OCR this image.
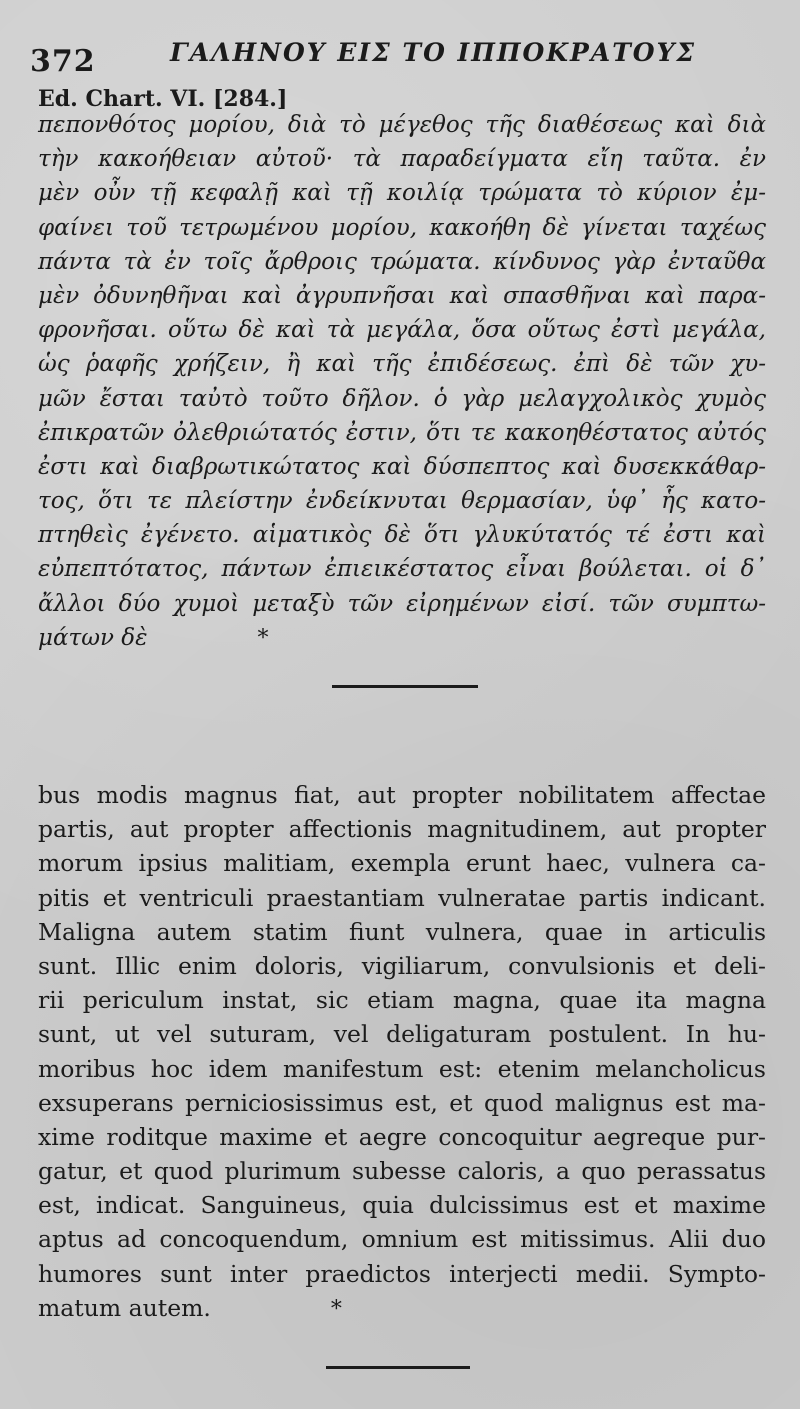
372	ΓΑΛΗΝΟΥ ΕΙΣ ΤΟ ΙΠΠΟΚΡΑΤΟΥΣ
Ed. Chart. VI. [284.]
πεπονθότος μορίου, διὰ τὸ μέγεθος τῆς διαθέσεως καὶ διὰ
τὴν κακοήθειαν αὐτοῦ· τὰ παραδείγματα εἴη ταῦτα. ἐν
μὲν οὖν τῇ κεφαλῇ καὶ τῇ κοιλίᾳ τρώματα τὸ κύριον ἐμ-
φαίνει τοῦ τετρωμένου μορίου, κακοήθη δὲ γίνεται ταχέως
πάντα τὰ ἐν τοῖς ἄρθροις τρώματα. κίνδυνος γὰρ ἐνταῦθα
μὲν ὀδυνηθῆναι καὶ ἀγρυπνῆσαι καὶ σπασθῆναι καὶ παρα-
φρονῆσαι. οὕτω δὲ καὶ τὰ μεγάλα, ὅσα οὕτως ἐστὶ μεγάλα,
ὡς ῥαφῆς χρήζειν, ἢ καὶ τῆς ἐπιδέσεως. ἐπὶ δὲ τῶν χυ-
μῶν ἔσται ταὐτὸ τοῦτο δῆλον. ὁ γὰρ μελαγχολικὸς χυμὸς
ἐπικρατῶν ὀλεθριώτατός ἐστιν, ὅτι τε κακοηθέστατος αὐτός
ἐστι καὶ διαβρωτικώτατος καὶ δύσπεπτος καὶ δυσεκκάθαρ-
τος, ὅτι τε πλείστην ἐνδείκνυται θερμασίαν, ὑφ᾽ ἧς κατο-
πτηθεὶς ἐγένετο. αἱματικὸς δὲ ὅτι γλυκύτατός τέ ἐστι καὶ
εὐπεπτότατος, πάντων ἐπιεικέστατος εἶναι βούλεται. οἱ δ᾽
ἄλλοι δύο χυμοὶ μεταξὺ τῶν εἰρημένων εἰσί. τῶν συμπτω-
μάτων δὲ	*
bus modis magnus fiat, aut propter nobilitatem affectae
partis, aut propter affectionis magnitudinem, aut propter
morum ipsius malitiam, exempla erunt haec, vulnera ca-
pitis et ventriculi praestantiam vulneratae partis indicant.
Maligna autem statim fiunt vulnera, quae in articulis
sunt. Illic enim doloris, vigiliarum, convulsionis et deli-
rii periculum instat, sic etiam magna, quae ita magna
sunt, ut vel suturam, vel deligaturam postulent. In hu-
moribus hoc idem manifestum est: etenim melancholicus
exsuperans perniciosissimus est, et quod malignus est ma-
xime roditque maxime et aegre concoquitur aegreque pur-
gatur, et quod plurimum subesse caloris, a quo perassatus
est, indicat. Sanguineus, quia dulcissimus est et maxime
aptus ad concoquendum, omnium est mitissimus. Alii duo
humores sunt inter praedictos interjecti medii. Sympto-
matum autem.	*
